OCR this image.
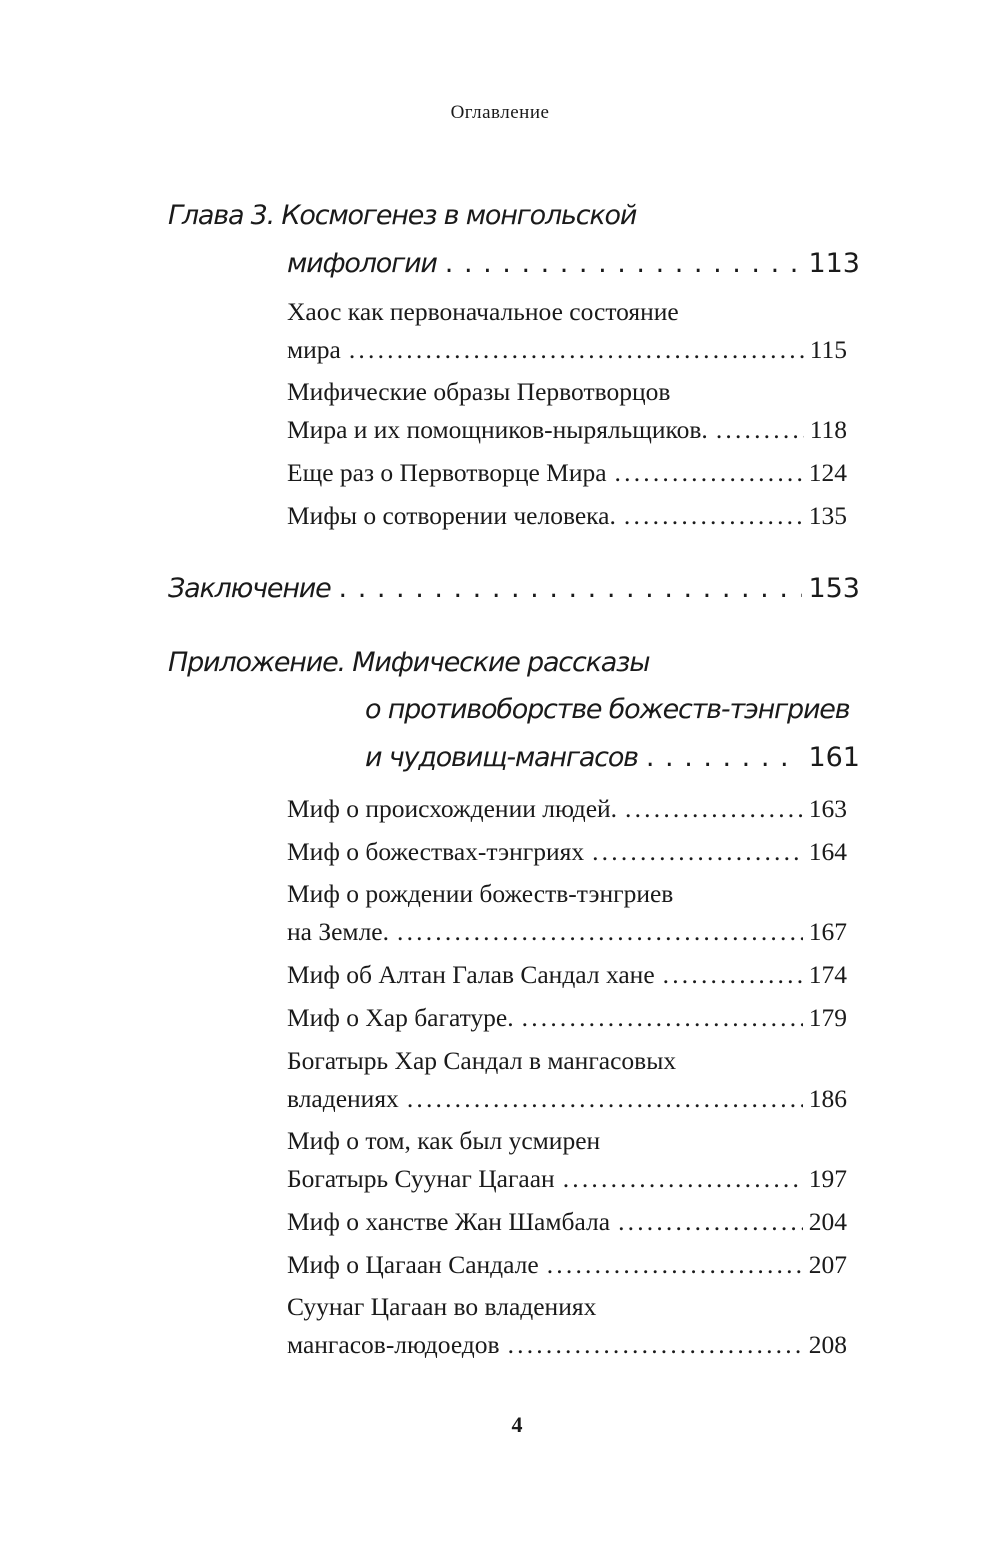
Оглавление
Глава 3. Космогенез в монгольской
мифологии . . .	113
Хаос как первоначальное состояние
мира .....	115
Мифические образы Первотворцов
Мира и их помощников-ныряльщиков. .....	118
Еще раз о Первотворце Мира .....	124
Мифы о сотворении человека. .....	135
Заключение . . .	153
Приложение. Мифические рассказы
о противоборстве божеств-тэнгриев
и чудовищ-мангасов . . .	161
Миф о происхождении людей. .....	163
Миф о божествах-тэнгриях .....	164
Миф о рождении божеств-тэнгриев
на Земле. .....	167
Миф об Алтан Галав Сандал хане .....	174
Миф о Хар багатуре. .....	179
Богатырь Хар Сандал в мангасовых
владениях .....	186
Миф о том, как был усмирен
Богатырь Суунаг Цагаан .....	197
Миф о ханстве Жан Шамбала .....	204
Миф о Цагаан Сандале .....	207
Суунаг Цагаан во владениях
мангасов-людоедов .....	208
4
